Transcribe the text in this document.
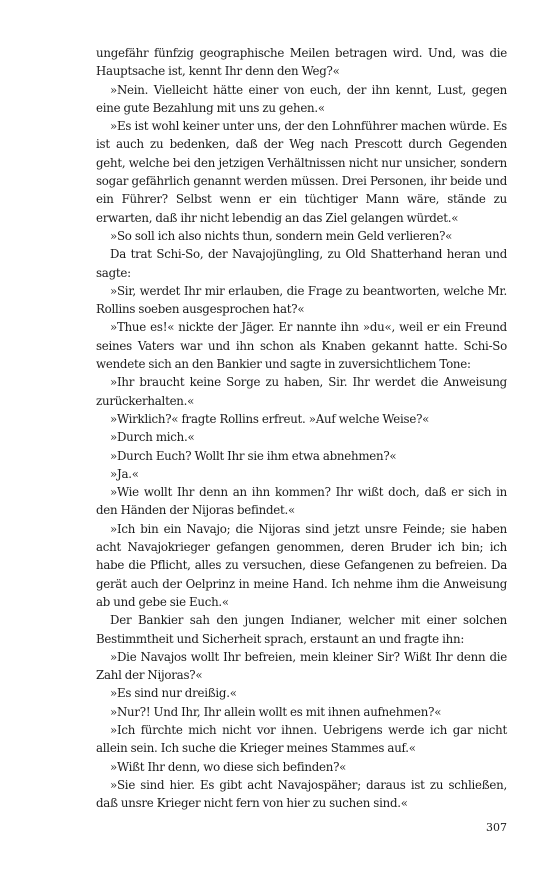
ungefähr fünfzig geographische Meilen betragen wird. Und, was die Hauptsache ist, kennt Ihr denn den Weg?«

»Nein. Vielleicht hätte einer von euch, der ihn kennt, Lust, gegen eine gute Bezahlung mit uns zu gehen.«

»Es ist wohl keiner unter uns, der den Lohnführer machen würde. Es ist auch zu bedenken, daß der Weg nach Prescott durch Gegenden geht, welche bei den jetzigen Verhältnissen nicht nur unsicher, sondern sogar gefährlich genannt werden müssen. Drei Personen, ihr beide und ein Führer? Selbst wenn er ein tüchtiger Mann wäre, stände zu erwarten, daß ihr nicht lebendig an das Ziel gelangen würdet.«

»So soll ich also nichts thun, sondern mein Geld verlieren?«

Da trat Schi-So, der Navajojüngling, zu Old Shatterhand heran und sagte:

»Sir, werdet Ihr mir erlauben, die Frage zu beantworten, welche Mr. Rollins soeben ausgesprochen hat?«

»Thue es!« nickte der Jäger. Er nannte ihn »du«, weil er ein Freund seines Vaters war und ihn schon als Knaben gekannt hatte. Schi-So wendete sich an den Bankier und sagte in zuversichtlichem Tone:

»Ihr braucht keine Sorge zu haben, Sir. Ihr werdet die Anweisung zurückerhalten.«

»Wirklich?« fragte Rollins erfreut. »Auf welche Weise?«

»Durch mich.«

»Durch Euch? Wollt Ihr sie ihm etwa abnehmen?«

»Ja.«

»Wie wollt Ihr denn an ihn kommen? Ihr wißt doch, daß er sich in den Händen der Nijoras befindet.«

»Ich bin ein Navajo; die Nijoras sind jetzt unsre Feinde; sie haben acht Navajokrieger gefangen genommen, deren Bruder ich bin; ich habe die Pflicht, alles zu versuchen, diese Gefangenen zu befreien. Da gerät auch der Oelprinz in meine Hand. Ich nehme ihm die Anweisung ab und gebe sie Euch.«

Der Bankier sah den jungen Indianer, welcher mit einer solchen Bestimmtheit und Sicherheit sprach, erstaunt an und fragte ihn:

»Die Navajos wollt Ihr befreien, mein kleiner Sir? Wißt Ihr denn die Zahl der Nijoras?«

»Es sind nur dreißig.«

»Nur?! Und Ihr, Ihr allein wollt es mit ihnen aufnehmen?«

»Ich fürchte mich nicht vor ihnen. Uebrigens werde ich gar nicht allein sein. Ich suche die Krieger meines Stammes auf.«

»Wißt Ihr denn, wo diese sich befinden?«

»Sie sind hier. Es gibt acht Navajospäher; daraus ist zu schließen, daß unsre Krieger nicht fern von hier zu suchen sind.«

307
